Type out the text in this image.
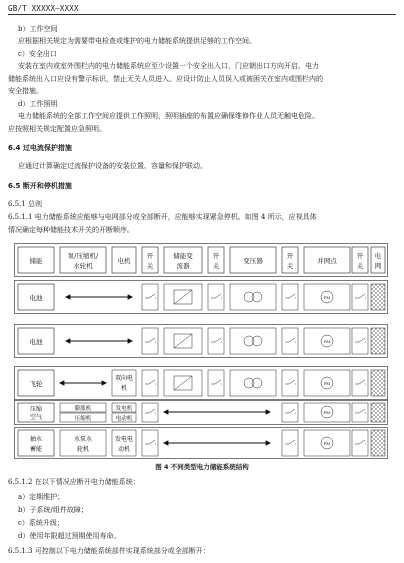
GB/T XXXXX—XXXX
b）工作空间
应根据相关规定为需要带电检查或维护的电力储能系统提供足够的工作空间。
c）安全出口
安装在室内或室外围栏内的电力储能系统应至少设置一个安全出入口，门应朝出口方向开启。电力
储能系统出入口应设有警示标识，禁止无关人员进入。应设计防止人员误入或被困关在室内或围栏内的
安全措施。
d）工作照明
电力储能系统的全部工作空间应提供工作照明，照明插座的布置应确保维修作业人员无触电危险。
应按照相关规定配置应急照明。
6.4 过电流保护措施
应通过计算确定过流保护设备的安装位置、容量和保护联动。
6.5 断开和停机措施
6.5.1 总则
6.5.1.1 电力储能系统应能够与电网部分或全部断开，应能够实现紧急停机。如图 4 所示，应视具体
情况确定每种储能技术开关的开断顺序。
储能
泵/压缩机/
水轮机
电机
开
关
储能变
流器
开
关
变压器
开
关
并网点
开
关
电
网
电池	PM
电池	PM
飞轮
双向电
机
PM
压缩
空气
膨胀机
压缩机
发电机
电动机
PM
抽水
蓄能
水泵水
轮机
发电电
动机
PM
图 4 不同类型电力储能系统结构
6.5.1.2 在以下情况应断开电力储能系统：
a）定期维护；
b）子系统/组件故障；
c）系统升级；
d）使用年限超过预期使用寿命。
6.5.1.3 可控制以下电力储能系统部件实现系统部分或全部断开：
